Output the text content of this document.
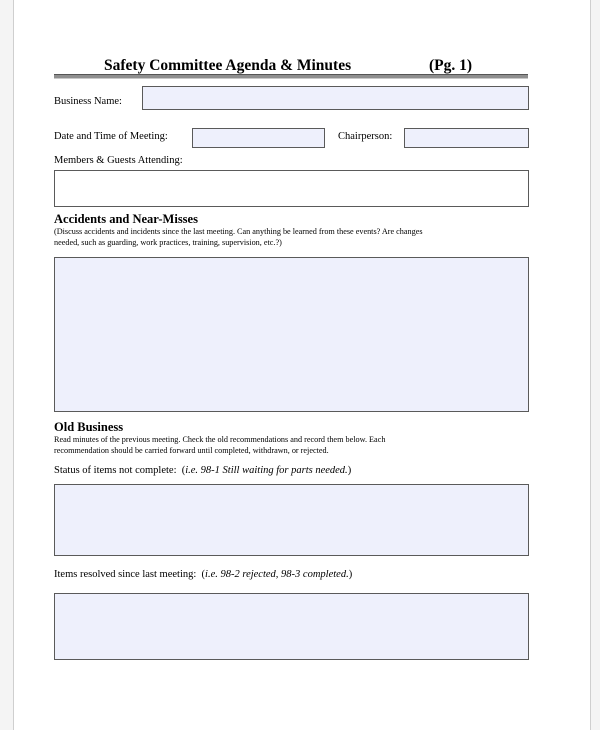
Safety Committee Agenda & Minutes	(Pg. 1)
Business Name:
Date and Time of Meeting:	Chairperson:
Members & Guests Attending:
Accidents and Near-Misses
(Discuss accidents and incidents since the last meeting. Can anything be learned from these events? Are changes
needed, such as guarding, work practices, training, supervision, etc.?)
Old Business
Read minutes of the previous meeting. Check the old recommendations and record them below. Each
recommendation should be carried forward until completed, withdrawn, or rejected.
Status of items not complete: (i.e. 98-1 Still waiting for parts needed.)
Items resolved since last meeting: (i.e. 98-2 rejected, 98-3 completed.)
